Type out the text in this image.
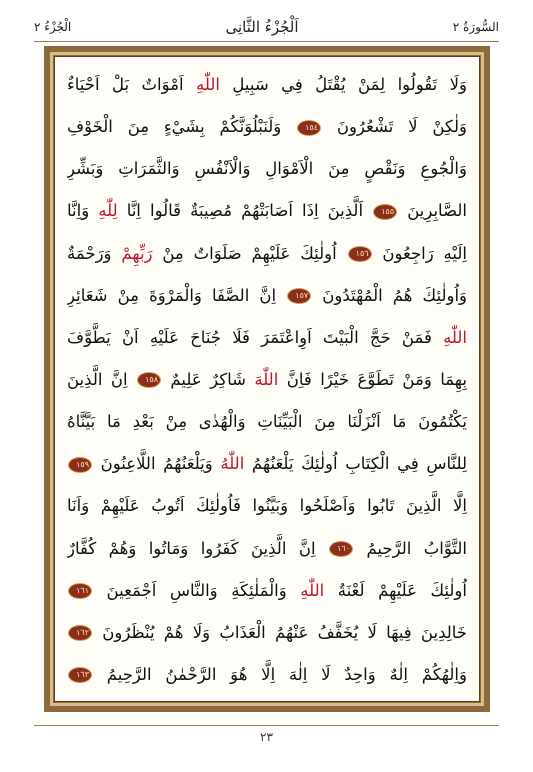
السُّورَةُ ٢
اَلْجُزْءُ الثَّانِى
الْجُزْءُ ٢
وَلَا تَقُولُوا لِمَنْ يُقْتَلُ فِي سَبِيلِ اللّٰهِ اَمْوَاتٌ بَلْ اَحْيَاءٌ
وَلٰكِنْ لَا تَشْعُرُونَ ١٥٤ وَلَنَبْلُوَنَّكُمْ بِشَيْءٍ مِنَ الْخَوْفِ
وَالْجُوعِ وَنَقْصٍ مِنَ الْاَمْوَالِ وَالْاَنْفُسِ وَالثَّمَرَاتِ وَبَشِّرِ
الصَّابِرِينَ ١٥٥ اَلَّذِينَ اِذَا اَصَابَتْهُمْ مُصِيبَةٌ قَالُوا اِنَّا لِلّٰهِ وَاِنَّا
اِلَيْهِ رَاجِعُونَ ١٥٦ اُولٰئِكَ عَلَيْهِمْ صَلَوَاتٌ مِنْ رَبِّهِمْ وَرَحْمَةٌ
وَاُولٰئِكَ هُمُ الْمُهْتَدُونَ ١٥٧ اِنَّ الصَّفَا وَالْمَرْوَةَ مِنْ شَعَائِرِ
اللّٰهِ فَمَنْ حَجَّ الْبَيْتَ اَوِاعْتَمَرَ فَلَا جُنَاحَ عَلَيْهِ اَنْ يَطَّوَّفَ
بِهِمَا وَمَنْ تَطَوَّعَ خَيْرًا فَاِنَّ اللّٰهَ شَاكِرٌ عَلِيمٌ ١٥٨ اِنَّ الَّذِينَ
يَكْتُمُونَ مَا اَنْزَلْنَا مِنَ الْبَيِّنَاتِ وَالْهُدٰى مِنْ بَعْدِ مَا بَيَّنَّاهُ
لِلنَّاسِ فِي الْكِتَابِ اُولٰئِكَ يَلْعَنُهُمُ اللّٰهُ وَيَلْعَنُهُمُ اللَّاعِنُونَ ١٥٩
اِلَّا الَّذِينَ تَابُوا وَاَصْلَحُوا وَبَيَّنُوا فَاُولٰئِكَ اَتُوبُ عَلَيْهِمْ وَاَنَا
التَّوَّابُ الرَّحِيمُ ١٦٠ اِنَّ الَّذِينَ كَفَرُوا وَمَاتُوا وَهُمْ كُفَّارٌ
اُولٰئِكَ عَلَيْهِمْ لَعْنَةُ اللّٰهِ وَالْمَلٰئِكَةِ وَالنَّاسِ اَجْمَعِينَ ١٦١
خَالِدِينَ فِيهَا لَا يُخَفَّفُ عَنْهُمُ الْعَذَابُ وَلَا هُمْ يُنْظَرُونَ ١٦٢
وَاِلٰهُكُمْ اِلٰهٌ وَاحِدٌ لَا اِلٰهَ اِلَّا هُوَ الرَّحْمٰنُ الرَّحِيمُ ١٦٣
٢٣
